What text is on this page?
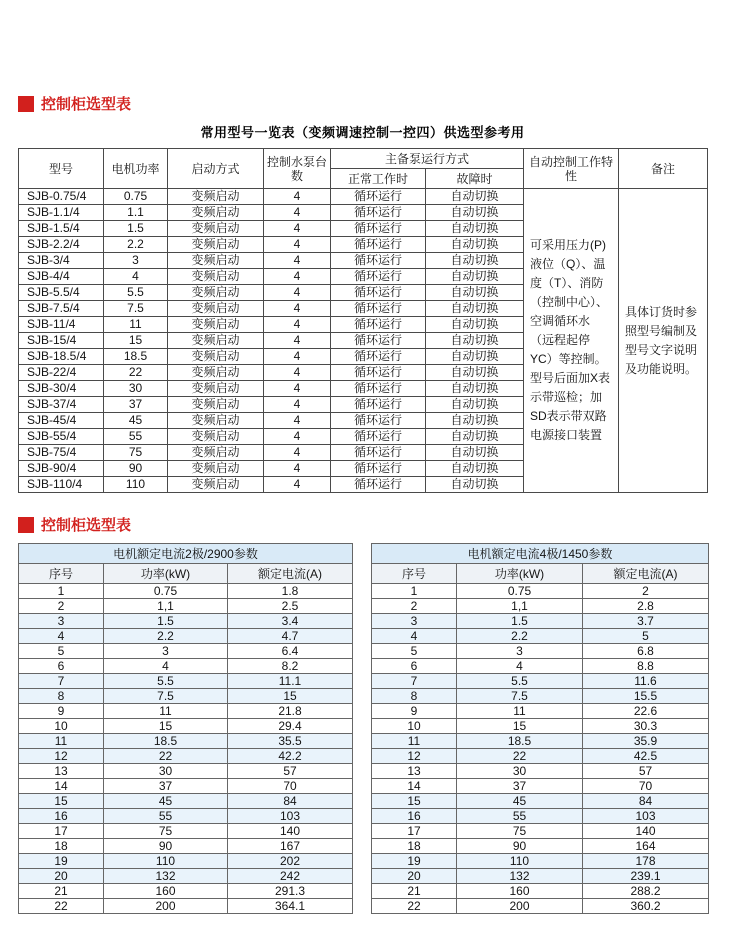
控制柜选型表
常用型号一览表（变频调速控制一控四）供选型参考用
型号	电机功率	启动方式	控制水泵台数	主备泵运行方式		自动控制工作特性	备注
				正常工作时	故障时		
SJB-0.75/4	0.75	变频启动	4	循环运行	自动切换	可采用压力(P)液位（Q）、温度（T）、消防（控制中心）、空调循环水（远程起停YC）等控制。型号后面加X表示带巡检；加SD表示带双路电源接口装置	具体订货时参照型号编制及型号文字说明及功能说明。
SJB-1.1/4	1.1	变频启动	4	循环运行	自动切换		
SJB-1.5/4	1.5	变频启动	4	循环运行	自动切换		
SJB-2.2/4	2.2	变频启动	4	循环运行	自动切换		
SJB-3/4	3	变频启动	4	循环运行	自动切换		
SJB-4/4	4	变频启动	4	循环运行	自动切换		
SJB-5.5/4	5.5	变频启动	4	循环运行	自动切换		
SJB-7.5/4	7.5	变频启动	4	循环运行	自动切换		
SJB-11/4	11	变频启动	4	循环运行	自动切换		
SJB-15/4	15	变频启动	4	循环运行	自动切换		
SJB-18.5/4	18.5	变频启动	4	循环运行	自动切换		
SJB-22/4	22	变频启动	4	循环运行	自动切换		
SJB-30/4	30	变频启动	4	循环运行	自动切换		
SJB-37/4	37	变频启动	4	循环运行	自动切换		
SJB-45/4	45	变频启动	4	循环运行	自动切换		
SJB-55/4	55	变频启动	4	循环运行	自动切换		
SJB-75/4	75	变频启动	4	循环运行	自动切换		
SJB-90/4	90	变频启动	4	循环运行	自动切换		
SJB-110/4	110	变频启动	4	循环运行	自动切换		
控制柜选型表
电机额定电流2极/2900参数		
序号	功率(kW)	额定电流(A)
1	0.75	1.8
2	1,1	2.5
3	1.5	3.4
4	2.2	4.7
5	3	6.4
6	4	8.2
7	5.5	11.1
8	7.5	15
9	11	21.8
10	15	29.4
11	18.5	35.5
12	22	42.2
13	30	57
14	37	70
15	45	84
16	55	103
17	75	140
18	90	167
19	110	202
20	132	242
21	160	291.3
22	200	364.1
电机额定电流4极/1450参数		
序号	功率(kW)	额定电流(A)
1	0.75	2
2	1,1	2.8
3	1.5	3.7
4	2.2	5
5	3	6.8
6	4	8.8
7	5.5	11.6
8	7.5	15.5
9	11	22.6
10	15	30.3
11	18.5	35.9
12	22	42.5
13	30	57
14	37	70
15	45	84
16	55	103
17	75	140
18	90	164
19	110	178
20	132	239.1
21	160	288.2
22	200	360.2
